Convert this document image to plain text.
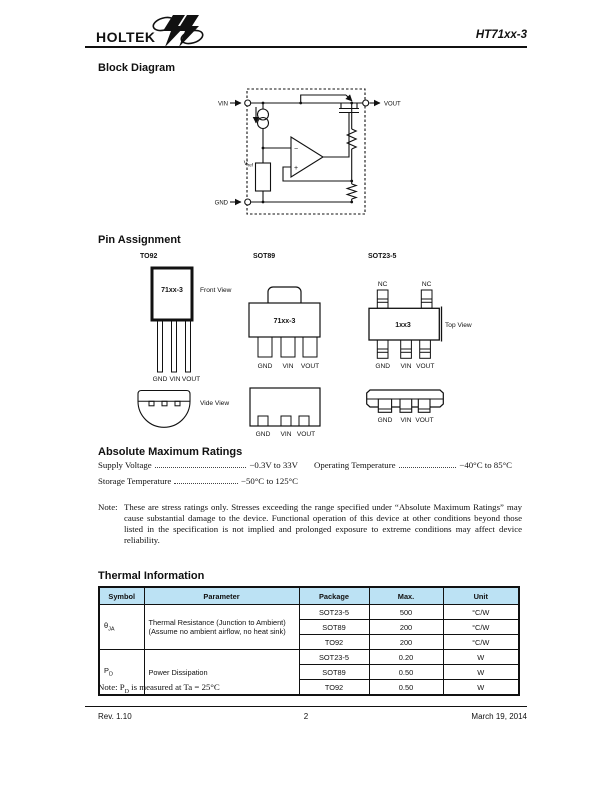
HOLTEK	HT71xx-3
Block Diagram
VIN	VOUT
GND
$V_{ref}$
−
+
Pin Assignment
TO92
71xx-3	Front View
GND VIN VOUT
SOT89
71xx-3
GND VIN VOUT
SOT23-5
NC	NC
1xx3	Top View
GND VIN VOUT
Vide View
GND VIN VOUT
GND VIN VOUT
Absolute Maximum Ratings
Supply Voltage	−0.3V to 33V
Storage Temperature	−50°C to 125°C
Operating Temperature	−40°C to 85°C
Note: These are stress ratings only. Stresses exceeding the range specified under “Absolute Maximum Ratings” may cause substantial damage to the device. Functional operation of this device at other conditions beyond those listed in the specification is not implied and prolonged exposure to extreme conditions may affect device reliability.

Thermal Information
Symbol	Parameter	Package	Max.	Unit
$\theta_{JA}$	Thermal Resistance (Junction to Ambient)
(Assume no ambient airflow, no heat sink)	SOT23-5	500	°C/W
		SOT89	200	°C/W
		TO92	200	°C/W
$P_D$	Power Dissipation	SOT23-5	0.20	W
		SOT89	0.50	W
		TO92	0.50	W
Note: $P_D$ is measured at Ta = 25°C
2
Rev. 1.10	March 19, 2014
